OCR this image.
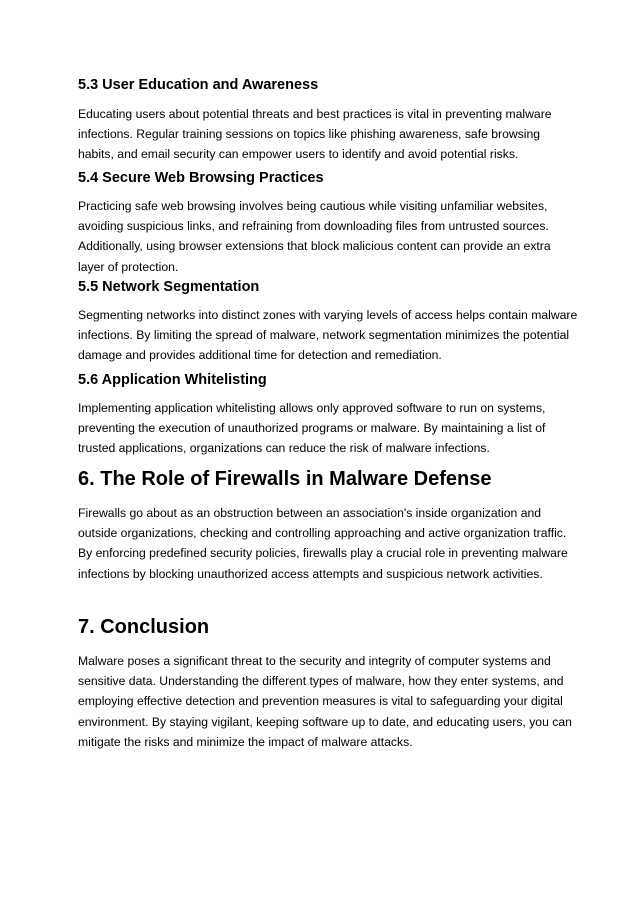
5.3 User Education and Awareness
Educating users about potential threats and best practices is vital in preventing malware
infections. Regular training sessions on topics like phishing awareness, safe browsing
habits, and email security can empower users to identify and avoid potential risks.
5.4 Secure Web Browsing Practices
Practicing safe web browsing involves being cautious while visiting unfamiliar websites,
avoiding suspicious links, and refraining from downloading files from untrusted sources.
Additionally, using browser extensions that block malicious content can provide an extra
layer of protection.
5.5 Network Segmentation
Segmenting networks into distinct zones with varying levels of access helps contain malware
infections. By limiting the spread of malware, network segmentation minimizes the potential
damage and provides additional time for detection and remediation.
5.6 Application Whitelisting
Implementing application whitelisting allows only approved software to run on systems,
preventing the execution of unauthorized programs or malware. By maintaining a list of
trusted applications, organizations can reduce the risk of malware infections.
6. The Role of Firewalls in Malware Defense
Firewalls go about as an obstruction between an association's inside organization and
outside organizations, checking and controlling approaching and active organization traffic.
By enforcing predefined security policies, firewalls play a crucial role in preventing malware
infections by blocking unauthorized access attempts and suspicious network activities.
7. Conclusion
Malware poses a significant threat to the security and integrity of computer systems and
sensitive data. Understanding the different types of malware, how they enter systems, and
employing effective detection and prevention measures is vital to safeguarding your digital
environment. By staying vigilant, keeping software up to date, and educating users, you can
mitigate the risks and minimize the impact of malware attacks.
